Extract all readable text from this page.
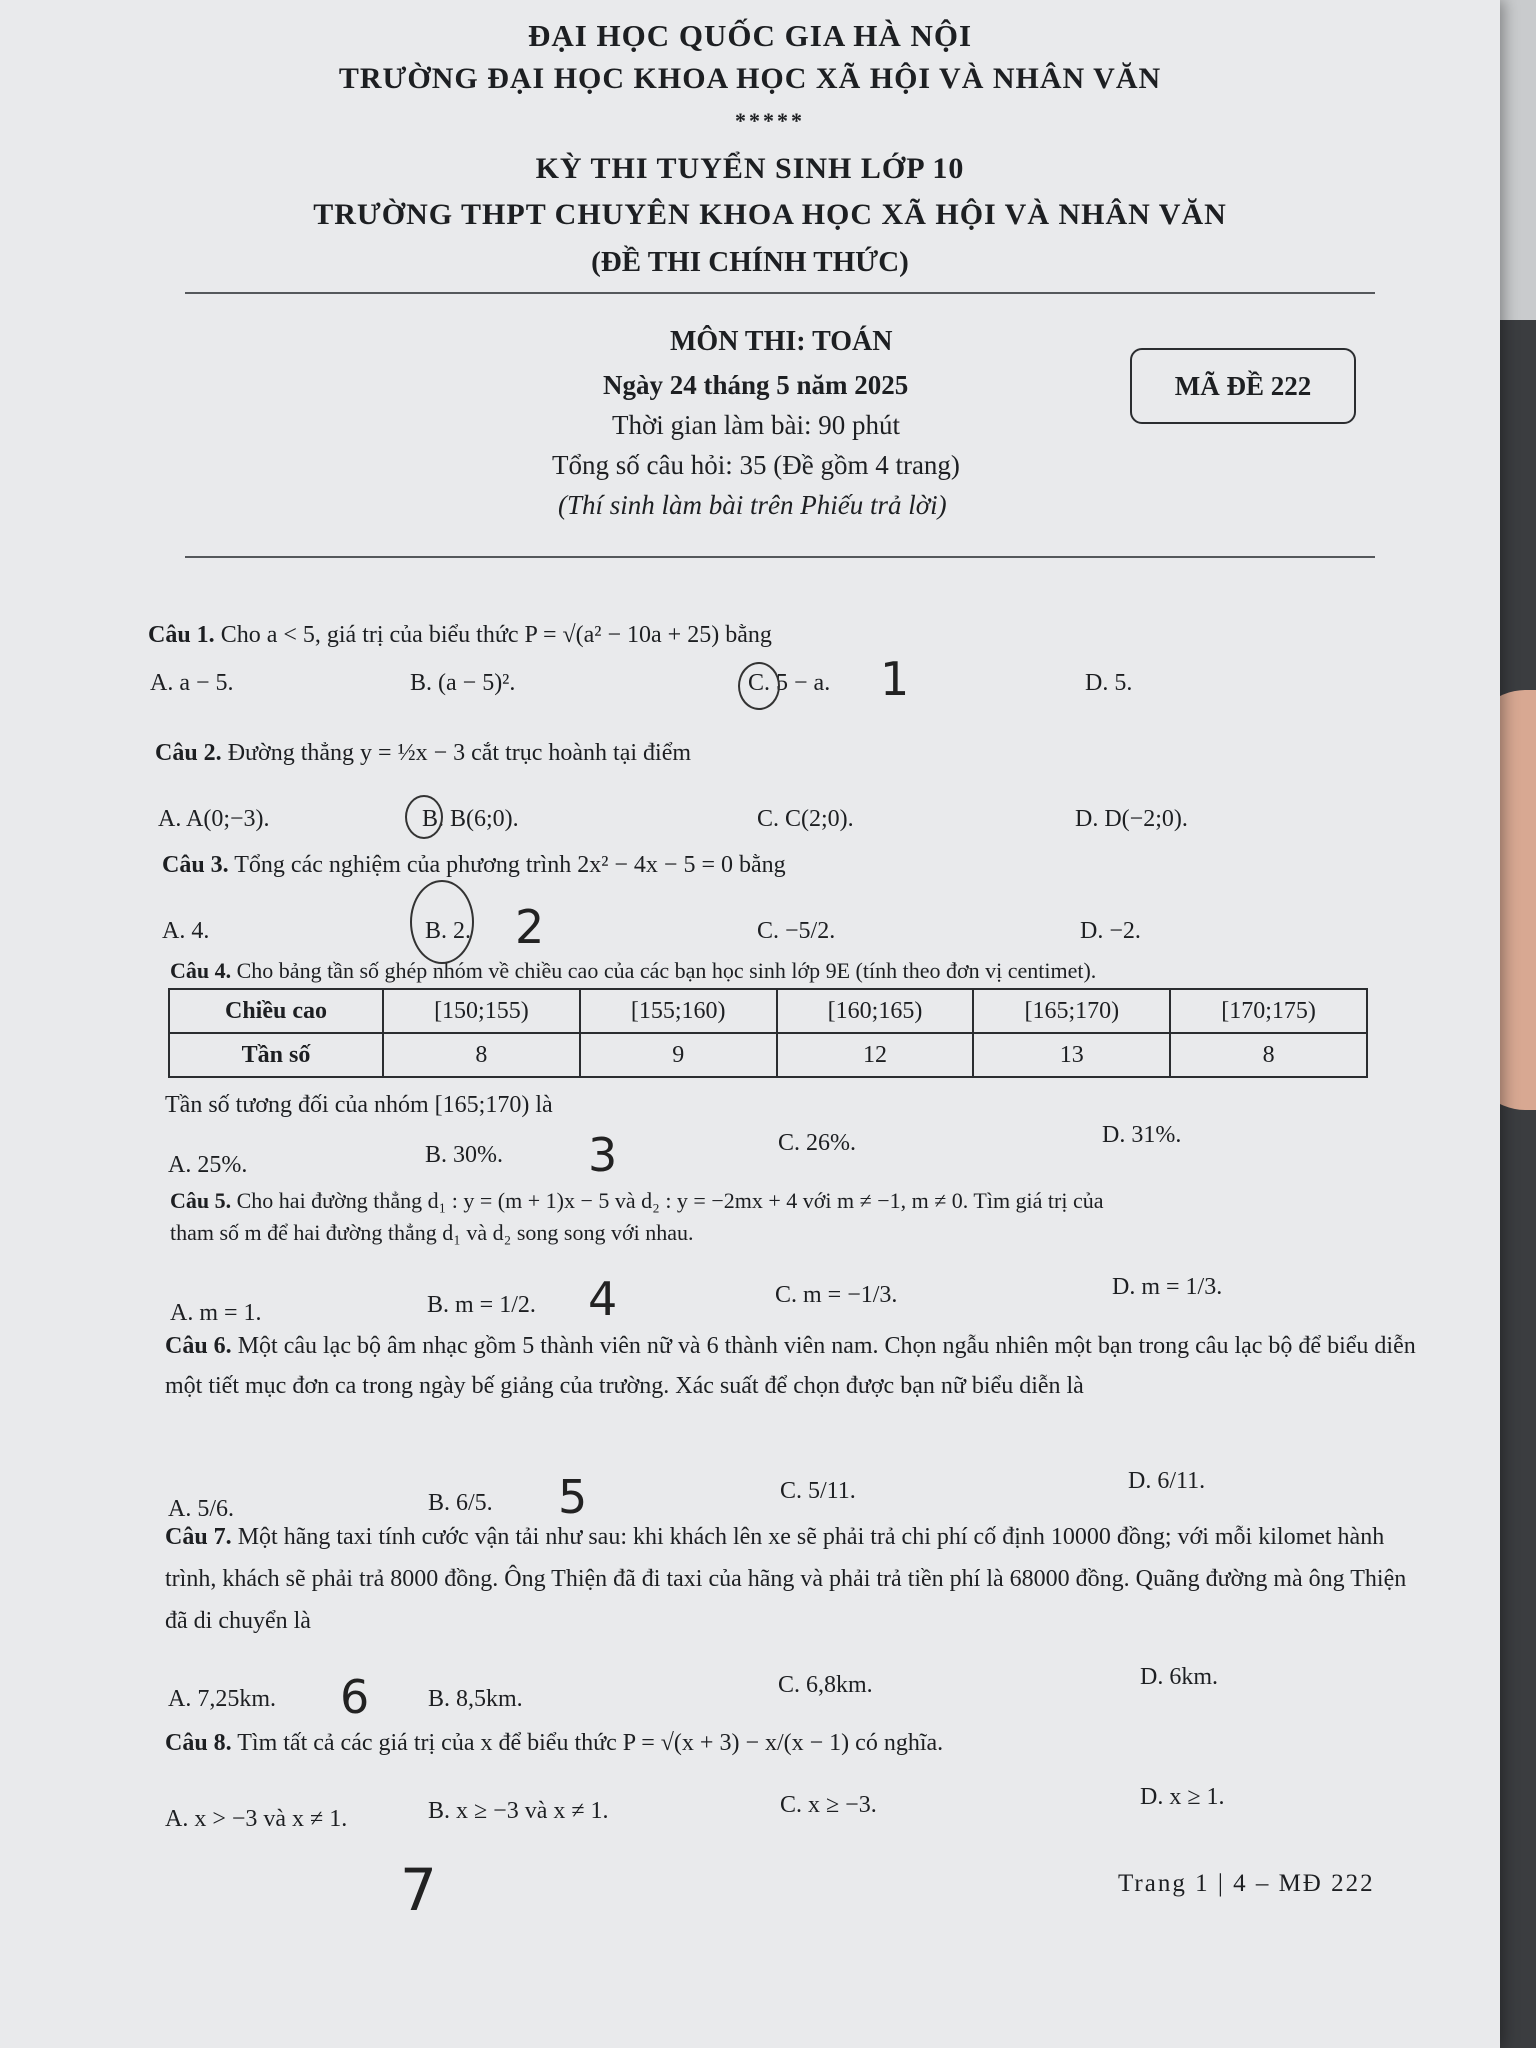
ĐẠI HỌC QUỐC GIA HÀ NỘI
TRƯỜNG ĐẠI HỌC KHOA HỌC XÃ HỘI VÀ NHÂN VĂN
*****
KỲ THI TUYỂN SINH LỚP 10
TRƯỜNG THPT CHUYÊN KHOA HỌC XÃ HỘI VÀ NHÂN VĂN
(ĐỀ THI CHÍNH THỨC)
MÔN THI: TOÁN
Ngày 24 tháng 5 năm 2025
Thời gian làm bài: 90 phút
Tổng số câu hỏi: 35 (Đề gồm 4 trang)
(Thí sinh làm bài trên Phiếu trả lời)
MÃ ĐỀ 222
Câu 1. Cho a < 5, giá trị của biểu thức P = √(a² − 10a + 25) bằng
A. a − 5.	B. (a − 5)².	C. 5 − a.	D. 5.
Câu 2. Đường thẳng y = ½x − 3 cắt trục hoành tại điểm
A. A(0;−3).	B. B(6;0).	C. C(2;0).	D. D(−2;0).
Câu 3. Tổng các nghiệm của phương trình 2x² − 4x − 5 = 0 bằng
A. 4.	B. 2.	C. −5/2.	D. −2.
Câu 4. Cho bảng tần số ghép nhóm về chiều cao của các bạn học sinh lớp 9E (tính theo đơn vị centimet).
Chiều cao	[150;155)	[155;160)	[160;165)	[165;170)	[170;175)
Tần số	8	9	12	13	8
Tần số tương đối của nhóm [165;170) là
A. 25%.	B. 30%.	C. 26%.	D. 31%.
Câu 5. Cho hai đường thẳng d₁ : y = (m + 1)x − 5 và d₂ : y = −2mx + 4 với m ≠ −1, m ≠ 0. Tìm giá trị của
tham số m để hai đường thẳng d₁ và d₂ song song với nhau.
A. m = 1.	B. m = 1/2.	C. m = −1/3.	D. m = 1/3.
Câu 6. Một câu lạc bộ âm nhạc gồm 5 thành viên nữ và 6 thành viên nam. Chọn ngẫu nhiên một bạn trong câu lạc bộ để biểu diễn một tiết mục đơn ca trong ngày bế giảng của trường. Xác suất để chọn được bạn nữ biểu diễn là
A. 5/6.	B. 6/5.	C. 5/11.	D. 6/11.
Câu 7. Một hãng taxi tính cước vận tải như sau: khi khách lên xe sẽ phải trả chi phí cố định 10000 đồng; với mỗi kilomet hành trình, khách sẽ phải trả 8000 đồng. Ông Thiện đã đi taxi của hãng và phải trả tiền phí là 68000 đồng. Quãng đường mà ông Thiện đã di chuyển là
A. 7,25km.	B. 8,5km.
C. 6,8km.	D. 6km.
Câu 8. Tìm tất cả các giá trị của x để biểu thức P = √(x + 3) − x/(x − 1) có nghĩa.
A. x > −3 và x ≠ 1.	B. x ≥ −3 và x ≠ 1.	C. x ≥ −3.	D. x ≥ 1.
Trang 1 | 4 – MĐ 222
1
2
3
4
5
6
7
